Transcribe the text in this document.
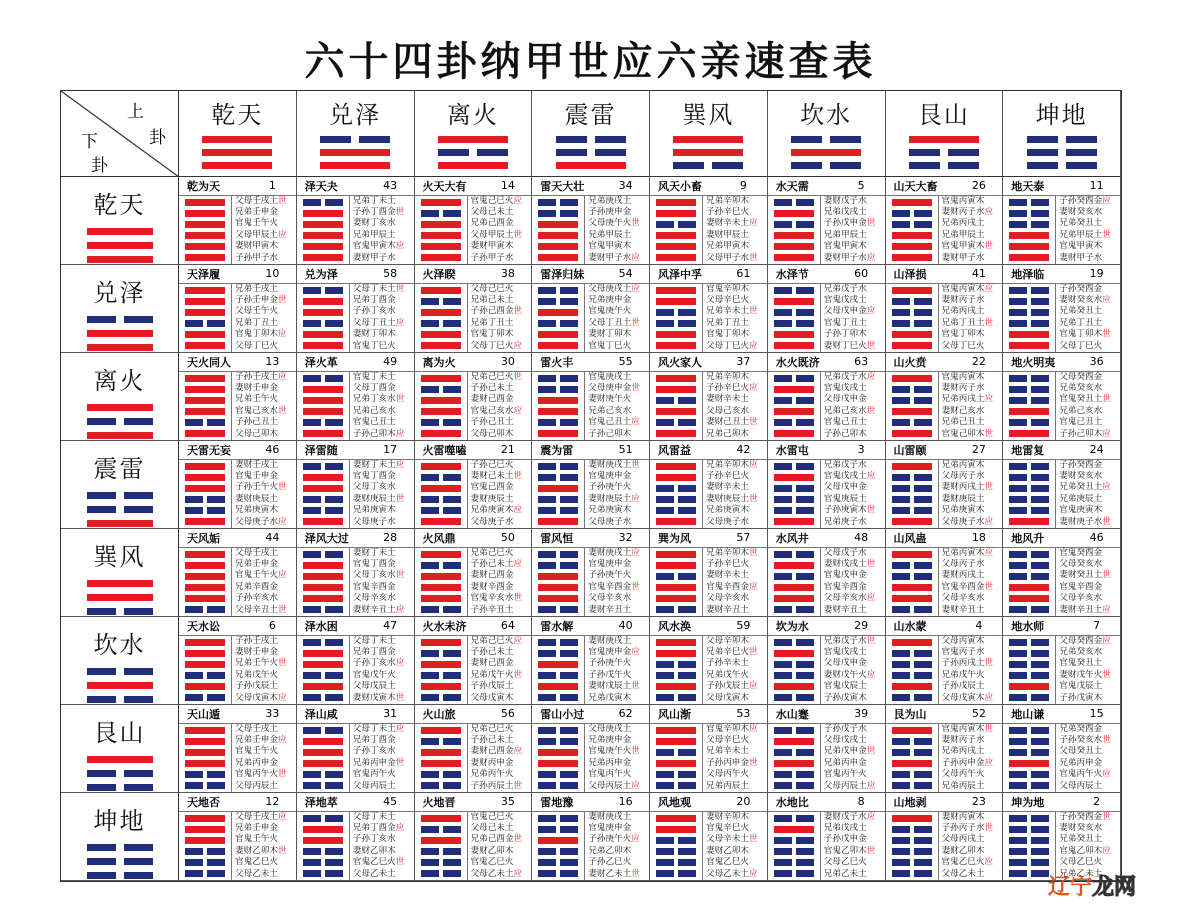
六十四卦纳甲世应六亲速查表
上
卦
下
卦
乾天	兑泽	离火	震雷	巽风	坎水	艮山	坤地
乾天
乾为天	1
父母壬戌土世
兄弟壬申金
官鬼壬午火
父母甲辰土应
妻财甲寅木
子孙甲子水
泽天夬	43
兄弟丁未土
子孙丁酉金世
妻财丁亥水
兄弟甲辰土
官鬼甲寅木应
妻财甲子水
火天大有	14
官鬼己巳火应
父母己未土
兄弟己酉金
父母甲辰土世
妻财甲寅木
子孙甲子水
雷天大壮	34
兄弟庚戌土
子孙庚申金
父母庚午火世
兄弟甲辰土
官鬼甲寅木
妻财甲子水应
风天小畜	9
兄弟辛卯木
子孙辛巳火
妻财辛未土应
妻财甲辰土
兄弟甲寅木
父母甲子水世
水天需	5
妻财戊子水
兄弟戊戌土
子孙戊申金世
兄弟甲辰土
官鬼甲寅木
妻财甲子水应
山天大畜	26
官鬼丙寅木
妻财丙子水应
兄弟丙戌土
兄弟甲辰土
官鬼甲寅木世
妻财甲子水
地天泰	11
子孙癸酉金应
妻财癸亥水
兄弟癸丑土
兄弟甲辰土世
官鬼甲寅木
妻财甲子水
兑泽
天泽履	10
兄弟壬戌土
子孙壬申金世
父母壬午火
兄弟丁丑土
官鬼丁卯木应
父母丁巳火
兑为泽	58
父母丁未土世
兄弟丁酉金
子孙丁亥水
父母丁丑土应
妻财丁卯木
官鬼丁巳火
火泽睽	38
父母己巳火
兄弟己未土
子孙己酉金世
兄弟丁丑土
官鬼丁卯木
父母丁巳火应
雷泽归妹	54
父母庚戌土应
兄弟庚申金
官鬼庚午火
父母丁丑土世
妻财丁卯木
官鬼丁巳火
风泽中孚	61
官鬼辛卯木
父母辛巳火
兄弟辛未土世
兄弟丁丑土
官鬼丁卯木
父母丁巳火应
水泽节	60
兄弟戊子水
官鬼戊戌土
父母戊申金应
官鬼丁丑土
子孙丁卯木
妻财丁巳火世
山泽损	41
官鬼丙寅木应
妻财丙子水
兄弟丙戌土
兄弟丁丑土世
官鬼丁卯木
父母丁巳火
地泽临	19
子孙癸酉金
妻财癸亥水应
兄弟癸丑土
兄弟丁丑土
官鬼丁卯木世
父母丁巳火
离火
天火同人	13
子孙壬戌土应
妻财壬申金
兄弟壬午火
官鬼己亥水世
子孙己丑土
父母己卯木
泽火革	49
官鬼丁未土
父母丁酉金
兄弟丁亥水世
兄弟己亥水
官鬼己丑土
子孙己卯木应
离为火	30
兄弟己巳火世
子孙己未土
妻财己酉金
官鬼己亥水应
子孙己丑土
父母己卯木
雷火丰	55
官鬼庚戌土
父母庚申金世
妻财庚午火
兄弟己亥水
官鬼己丑土应
子孙己卯木
风火家人	37
兄弟辛卯木
子孙辛巳火应
妻财辛未土
父母己亥水
妻财己丑土世
兄弟己卯木
水火既济	63
兄弟戊子水应
官鬼戊戌土
父母戊申金
兄弟己亥水世
官鬼己丑土
子孙己卯木
山火贲	22
官鬼丙寅木
妻财丙子水
兄弟丙戌土应
妻财己亥水
兄弟己丑土
官鬼己卯木世
地火明夷	36
父母癸酉金
兄弟癸亥水
官鬼癸丑土世
兄弟己亥水
官鬼己丑土
子孙己卯木应
震雷
天雷无妄	46
妻财壬戌土
官鬼壬申金
子孙壬午火世
妻财庚辰土
兄弟庚寅木
父母庚子水应
泽雷随	17
妻财丁未土应
官鬼丁酉金
父母丁亥水
妻财庚辰土世
兄弟庚寅木
父母庚子水
火雷噬嗑	21
子孙己巳火
妻财己未土世
官鬼己酉金
妻财庚辰土
兄弟庚寅木应
父母庚子水
震为雷	51
妻财庚戌土世
官鬼庚申金
子孙庚午火
妻财庚辰土应
兄弟庚寅木
父母庚子水
风雷益	42
兄弟辛卯木应
子孙辛巳火
妻财辛未土
妻财庚辰土世
兄弟庚寅木
父母庚子水
水雷屯	3
兄弟戊子水
官鬼戊戌土应
父母戊申金
官鬼庚辰土
子孙庚寅木世
兄弟庚子水
山雷颐	27
兄弟丙寅木
父母丙子水
妻财丙戌土世
妻财庚辰土
兄弟庚寅木
父母庚子水应
地雷复	24
子孙癸酉金
妻财癸亥水
兄弟癸丑土应
兄弟庚辰土
官鬼庚寅木
妻财庚子水世
巽风
天风姤	44
父母壬戌土
兄弟壬申金
官鬼壬午火应
兄弟辛酉金
子孙辛亥水
父母辛丑土世
泽风大过	28
妻财丁未土
官鬼丁酉金
父母丁亥水世
官鬼辛酉金
父母辛亥水
妻财辛丑土应
火风鼎	50
兄弟己巳火
子孙己未土应
妻财己酉金
妻财辛酉金
官鬼辛亥水世
子孙辛丑土
雷风恒	32
妻财庚戌土应
官鬼庚申金
子孙庚午火
官鬼辛酉金世
父母辛亥水
妻财辛丑土
巽为风	57
兄弟辛卯木世
子孙辛巳火
妻财辛未土
官鬼辛酉金应
父母辛亥水
妻财辛丑土
水风井	48
父母戊子水
妻财戊戌土世
官鬼戊申金
官鬼辛酉金
父母辛亥水应
妻财辛丑土
山风蛊	18
兄弟丙寅木应
父母丙子水
妻财丙戌土
官鬼辛酉金世
父母辛亥水
妻财辛丑土
地风升	46
官鬼癸酉金
父母癸亥水
妻财癸丑土世
官鬼辛酉金
父母辛亥水
妻财辛丑土应
坎水
天水讼	6
子孙壬戌土
妻财壬申金
兄弟壬午火世
兄弟戊午火
子孙戊辰土
父母戊寅木应
泽水困	47
父母丁未土
兄弟丁酉金
子孙丁亥水应
官鬼戊午火
父母戊辰土
妻财戊寅木世
火水未济	64
兄弟己巳火应
子孙己未土
妻财己酉金
兄弟戊午火世
子孙戊辰土
父母戊寅木
雷水解	40
妻财庚戌土
官鬼庚申金应
子孙庚午火
子孙戊午火
妻财戊辰土世
兄弟戊寅木
风水涣	59
父母辛卯木
兄弟辛巳火世
子孙辛未土
兄弟戊午火
子孙戊辰土应
父母戊寅木
坎为水	29
兄弟戊子水世
官鬼戊戌土
父母戊申金
妻财戊午火应
官鬼戊辰土
子孙戊寅木
山水蒙	4
父母丙寅木
官鬼丙子水
子孙丙戌土世
兄弟戊午火
子孙戊辰土
父母戊寅木应
地水师	7
父母癸酉金应
兄弟癸亥水
官鬼癸丑土
妻财戊午火世
官鬼戊辰土
子孙戊寅木
艮山
天山遁	33
父母壬戌土
兄弟壬申金应
官鬼壬午火
兄弟丙申金
官鬼丙午火世
父母丙辰土
泽山咸	31
父母丁未土应
兄弟丁酉金
子孙丁亥水
兄弟丙申金世
官鬼丙午火
父母丙辰土
火山旅	56
兄弟己巳火
子孙己未土
妻财己酉金应
妻财丙申金
兄弟丙午火
子孙丙辰土世
雷山小过	62
父母庚戌土
兄弟庚申金
官鬼庚午火世
兄弟丙申金
官鬼丙午火
父母丙辰土应
风山渐	53
官鬼辛卯木应
父母辛巳火
兄弟辛未土
子孙丙申金世
父母丙午火
兄弟丙辰土
水山蹇	39
子孙戊子水
父母戊戌土
兄弟戊申金世
兄弟丙申金
官鬼丙午火
父母丙辰土应
艮为山	52
官鬼丙寅木世
妻财丙子水
兄弟丙戌土
子孙丙申金应
父母丙午火
兄弟丙辰土
地山谦	15
兄弟癸酉金
子孙癸亥水世
父母癸丑土
兄弟丙申金
官鬼丙午火应
父母丙辰土
坤地
天地否	12
父母壬戌土应
兄弟壬申金
官鬼壬午火
妻财乙卯木世
官鬼乙巳火
父母乙未土
泽地萃	45
父母丁未土
兄弟丁酉金应
子孙丁亥水
妻财乙卯木
官鬼乙巳火世
父母乙未土
火地晋	35
官鬼己巳火
父母己未土
兄弟己酉金世
妻财乙卯木
官鬼乙巳火
父母乙未土应
雷地豫	16
妻财庚戌土
官鬼庚申金
子孙庚午火应
兄弟乙卯木
子孙乙巳火
妻财乙未土世
风地观	20
妻财辛卯木
官鬼辛巳火
父母辛未土世
妻财乙卯木
官鬼乙巳火
父母乙未土应
水地比	8
妻财戊子水应
兄弟戊戌土
子孙戊申金
官鬼乙卯木世
父母乙巳火
兄弟乙未土
山地剥	23
妻财丙寅木
子孙丙子水世
父母丙戌土
妻财乙卯木
官鬼乙巳火应
父母乙未土
坤为地	2
子孙癸酉金世
妻财癸亥水
兄弟癸丑土
官鬼乙卯木应
父母乙巳火
兄弟乙未土
辽宁龙网
